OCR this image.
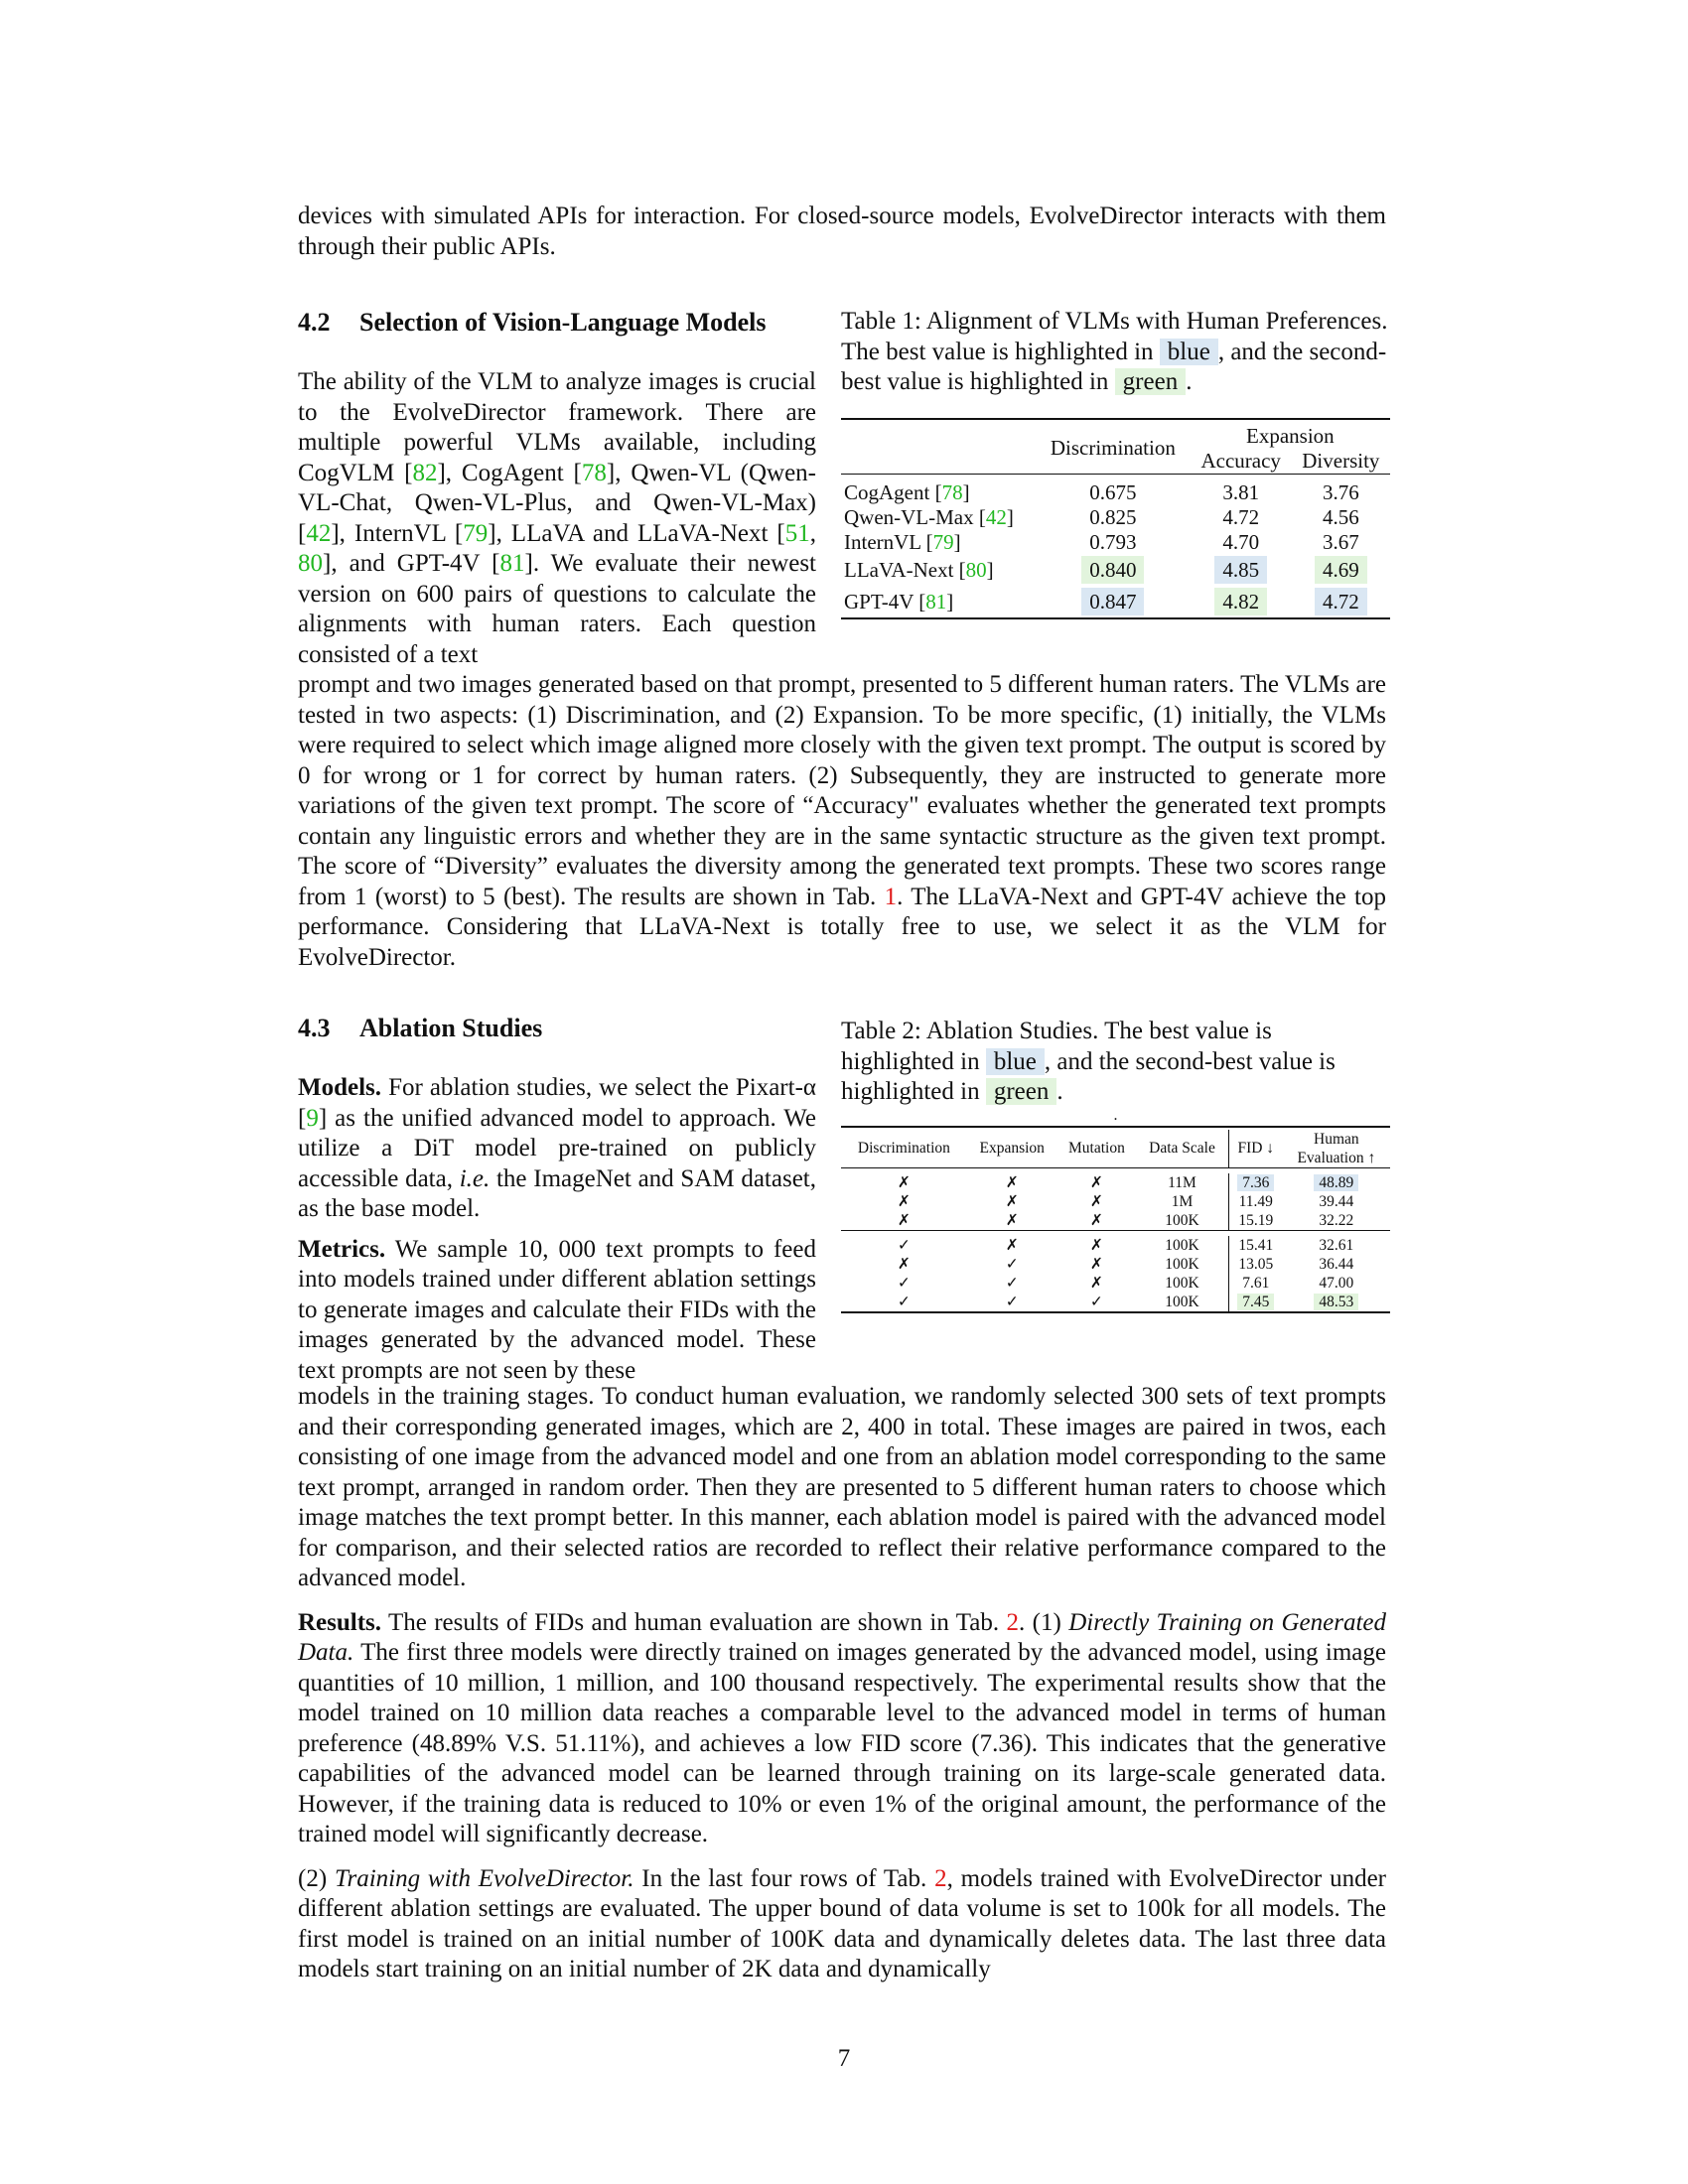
devices with simulated APIs for interaction. For closed-source models, EvolveDirector interacts with them through their public APIs.

4.2 Selection of Vision-Language Models

The ability of the VLM to analyze images is crucial to the EvolveDirector framework. There are multiple powerful VLMs available, including CogVLM [82], CogAgent [78], Qwen-VL (Qwen-VL-Chat, Qwen-VL-Plus, and Qwen-VL-Max) [42], InternVL [79], LLaVA and LLaVA-Next [51, 80], and GPT-4V [81]. We evaluate their newest version on 600 pairs of questions to calculate the alignments with human raters. Each question consisted of a text

Table 1: Alignment of VLMs with Human Preferences. The best value is highlighted in blue , and the second-best value is highlighted in green .

	Discrimination	Expansion	
		Accuracy	Diversity

CogAgent [78]	0.675	3.81	3.76
Qwen-VL-Max [42]	0.825	4.72	4.56
InternVL [79]	0.793	4.70	3.67
LLaVA-Next [80]	0.840	4.85	4.69
GPT-4V [81]	0.847	4.82	4.72

prompt and two images generated based on that prompt, presented to 5 different human raters. The VLMs are tested in two aspects: (1) Discrimination, and (2) Expansion. To be more specific, (1) initially, the VLMs were required to select which image aligned more closely with the given text prompt. The output is scored by 0 for wrong or 1 for correct by human raters. (2) Subsequently, they are instructed to generate more variations of the given text prompt. The score of “Accuracy" evaluates whether the generated text prompts contain any linguistic errors and whether they are in the same syntactic structure as the given text prompt. The score of “Diversity” evaluates the diversity among the generated text prompts. These two scores range from 1 (worst) to 5 (best). The results are shown in Tab. 1. The LLaVA-Next and GPT-4V achieve the top performance. Considering that LLaVA-Next is totally free to use, we select it as the VLM for EvolveDirector.

4.3 Ablation Studies

Models. For ablation studies, we select the Pixart-α [9] as the unified advanced model to approach. We utilize a DiT model pre-trained on publicly accessible data, i.e. the ImageNet and SAM dataset, as the base model.

Metrics. We sample 10, 000 text prompts to feed into models trained under different ablation settings to generate images and calculate their FIDs with the images generated by the advanced model. These text prompts are not seen by these

Table 2: Ablation Studies. The best value is highlighted in blue , and the second-best value is highlighted in green .

.

Discrimination	Expansion	Mutation	Data Scale	FID ↓	Human
Evaluation ↑

✗	✗	✗	11M	7.36	48.89
✗	✗	✗	1M	11.49	39.44
✗	✗	✗	100K	15.19	32.22

✓	✗	✗	100K	15.41	32.61
✗	✓	✗	100K	13.05	36.44
✓	✓	✗	100K	7.61	47.00
✓	✓	✓	100K	7.45	48.53

models in the training stages. To conduct human evaluation, we randomly selected 300 sets of text prompts and their corresponding generated images, which are 2, 400 in total. These images are paired in twos, each consisting of one image from the advanced model and one from an ablation model corresponding to the same text prompt, arranged in random order. Then they are presented to 5 different human raters to choose which image matches the text prompt better. In this manner, each ablation model is paired with the advanced model for comparison, and their selected ratios are recorded to reflect their relative performance compared to the advanced model.

Results. The results of FIDs and human evaluation are shown in Tab. 2. (1) Directly Training on Generated Data. The first three models were directly trained on images generated by the advanced model, using image quantities of 10 million, 1 million, and 100 thousand respectively. The experimental results show that the model trained on 10 million data reaches a comparable level to the advanced model in terms of human preference (48.89% V.S. 51.11%), and achieves a low FID score (7.36). This indicates that the generative capabilities of the advanced model can be learned through training on its large-scale generated data. However, if the training data is reduced to 10% or even 1% of the original amount, the performance of the trained model will significantly decrease.

(2) Training with EvolveDirector. In the last four rows of Tab. 2, models trained with EvolveDirector under different ablation settings are evaluated. The upper bound of data volume is set to 100k for all models. The first model is trained on an initial number of 100K data and dynamically deletes data. The last three data models start training on an initial number of 2K data and dynamically

7
